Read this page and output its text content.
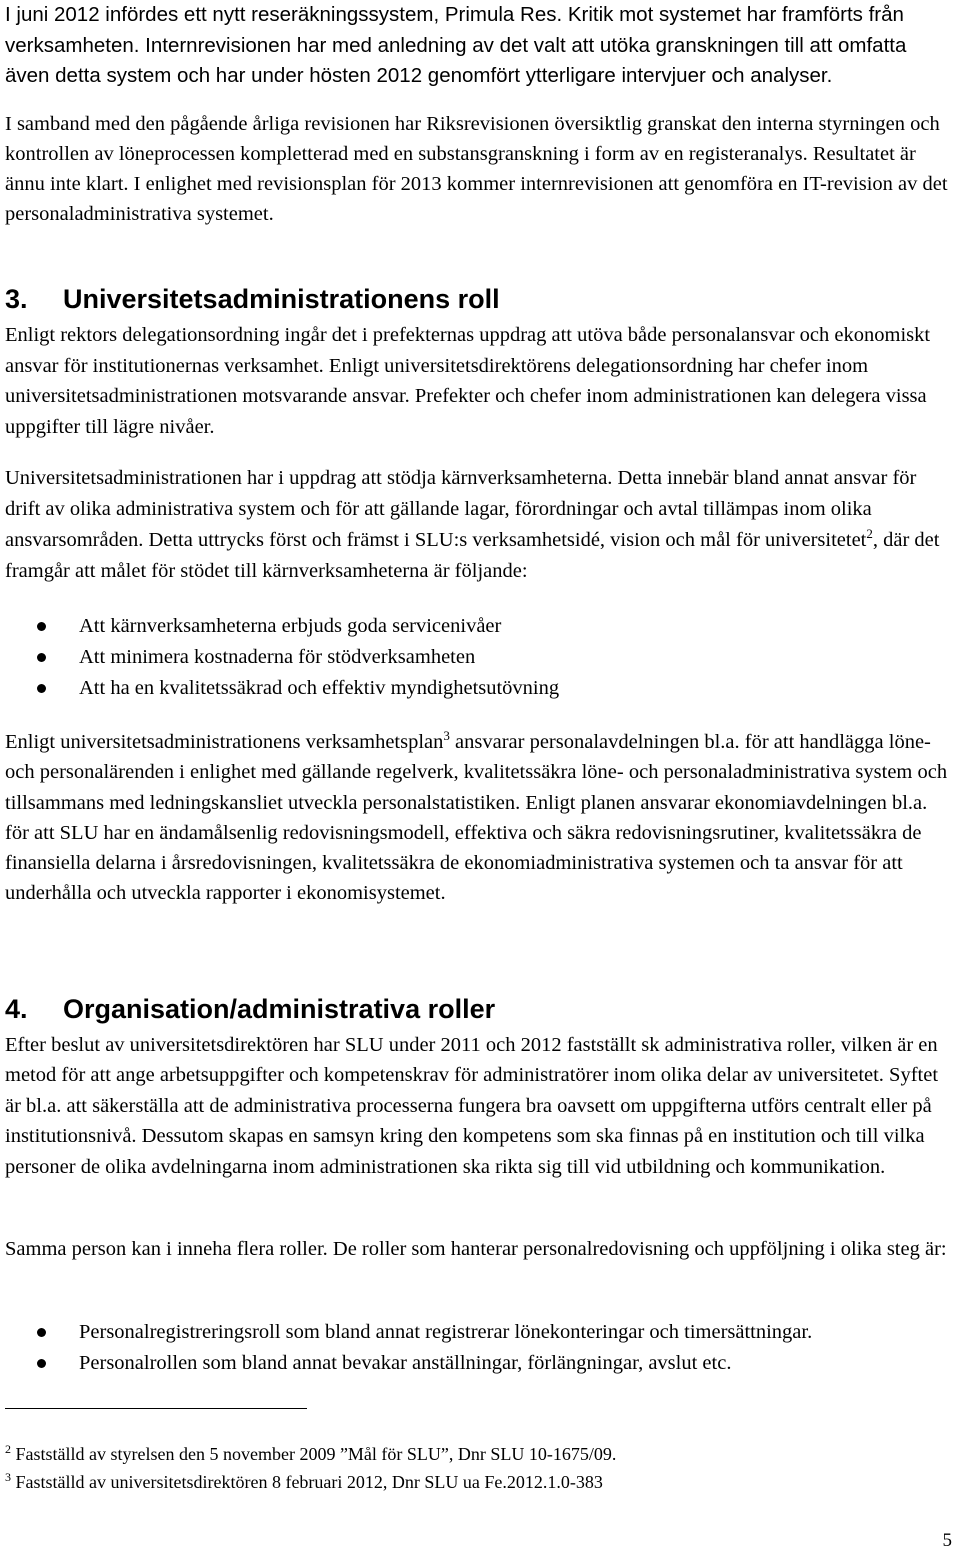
I juni 2012 infördes ett nytt reseräkningssystem, Primula Res. Kritik mot systemet har framförts från verksamheten. Internrevisionen har med anledning av det valt att utöka granskningen till att omfatta även detta system och har under hösten 2012 genomfört ytterligare intervjuer och analyser.

I samband med den pågående årliga revisionen har Riksrevisionen översiktlig granskat den interna styrningen och kontrollen av löneprocessen kompletterad med en substansgranskning i form av en registeranalys. Resultatet är ännu inte klart. I enlighet med revisionsplan för 2013 kommer internrevisionen att genomföra en IT-revision av det personaladministrativa systemet.

3. Universitetsadministrationens roll

Enligt rektors delegationsordning ingår det i prefekternas uppdrag att utöva både personalansvar och ekonomiskt ansvar för institutionernas verksamhet. Enligt universitetsdirektörens delegationsordning har chefer inom universitetsadministrationen motsvarande ansvar. Prefekter och chefer inom administrationen kan delegera vissa uppgifter till lägre nivåer.

Universitetsadministrationen har i uppdrag att stödja kärnverksamheterna. Detta innebär bland annat ansvar för drift av olika administrativa system och för att gällande lagar, förordningar och avtal tillämpas inom olika ansvarsområden. Detta uttrycks först och främst i SLU:s verksamhetsidé, vision och mål för universitetet$^2$, där det framgår att målet för stödet till kärnverksamheterna är följande:

Att kärnverksamheterna erbjuds goda servicenivåer
Att minimera kostnaderna för stödverksamheten
Att ha en kvalitetssäkrad och effektiv myndighetsutövning

Enligt universitetsadministrationens verksamhetsplan$^3$ ansvarar personalavdelningen bl.a. för att handlägga löne- och personalärenden i enlighet med gällande regelverk, kvalitetssäkra löne- och personaladministrativa system och tillsammans med ledningskansliet utveckla personalstatistiken. Enligt planen ansvarar ekonomiavdelningen bl.a. för att SLU har en ändamålsenlig redovisningsmodell, effektiva och säkra redovisningsrutiner, kvalitetssäkra de finansiella delarna i årsredovisningen, kvalitetssäkra de ekonomiadministrativa systemen och ta ansvar för att underhålla och utveckla rapporter i ekonomisystemet.

4. Organisation/administrativa roller

Efter beslut av universitetsdirektören har SLU under 2011 och 2012 fastställt sk administrativa roller, vilken är en metod för att ange arbetsuppgifter och kompetenskrav för administratörer inom olika delar av universitetet. Syftet är bl.a. att säkerställa att de administrativa processerna fungera bra oavsett om uppgifterna utförs centralt eller på institutionsnivå. Dessutom skapas en samsyn kring den kompetens som ska finnas på en institution och till vilka personer de olika avdelningarna inom administrationen ska rikta sig till vid utbildning och kommunikation.

Samma person kan i inneha flera roller. De roller som hanterar personalredovisning och uppföljning i olika steg är:

Personalregistreringsroll som bland annat registrerar lönekonteringar och timersättningar.
Personalrollen som bland annat bevakar anställningar, förlängningar, avslut etc.
$^2$ Fastställd av styrelsen den 5 november 2009 ”Mål för SLU”, Dnr SLU 10-1675/09.
$^3$ Fastställd av universitetsdirektören 8 februari 2012, Dnr SLU ua Fe.2012.1.0-383
5
